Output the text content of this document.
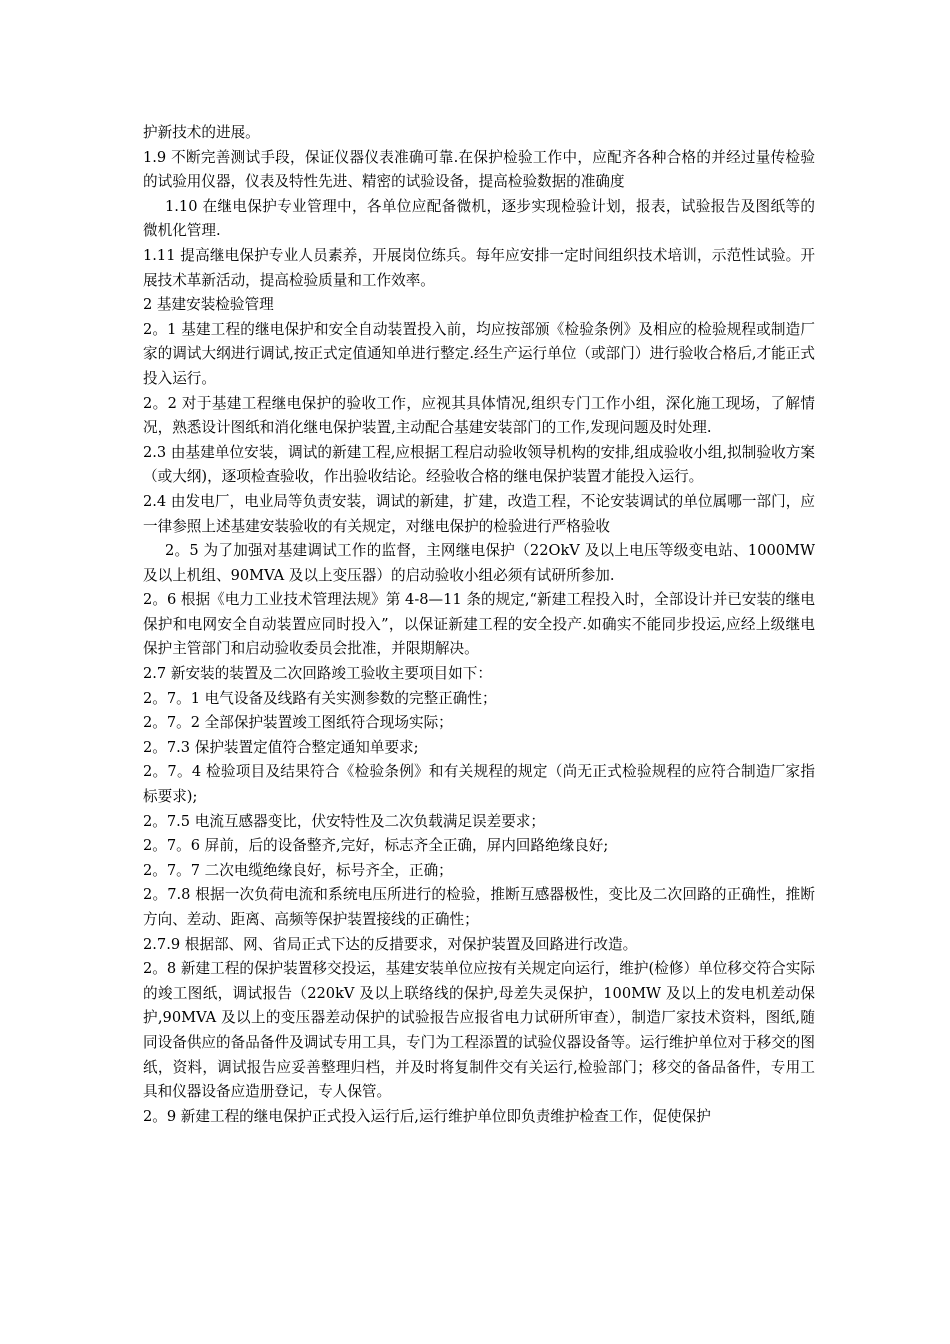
护新技术的进展。

1.9 不断完善测试手段，保证仪器仪表准确可靠.在保护检验工作中，应配齐各种合格的并经过量传检验的试验用仪器，仪表及特性先进、精密的试验设备，提高检验数据的准确度

1.10 在继电保护专业管理中，各单位应配备微机，逐步实现检验计划，报表，试验报告及图纸等的微机化管理.

1.11 提高继电保护专业人员素养，开展岗位练兵。每年应安排一定时间组织技术培训，示范性试验。开展技术革新活动，提高检验质量和工作效率。

2 基建安装检验管理

2。1 基建工程的继电保护和安全自动装置投入前，均应按部颁《检验条例》及相应的检验规程或制造厂家的调试大纲进行调试,按正式定值通知单进行整定.经生产运行单位（或部门）进行验收合格后,才能正式投入运行。

2。2 对于基建工程继电保护的验收工作，应视其具体情况,组织专门工作小组，深化施工现场，了解情况，熟悉设计图纸和消化继电保护装置,主动配合基建安装部门的工作,发现问题及时处理.

2.3 由基建单位安装，调试的新建工程,应根据工程启动验收领导机构的安排,组成验收小组,拟制验收方案（或大纲)，逐项检查验收，作出验收结论。经验收合格的继电保护装置才能投入运行。

2.4 由发电厂，电业局等负责安装，调试的新建，扩建，改造工程，不论安装调试的单位属哪一部门，应一律参照上述基建安装验收的有关规定，对继电保护的检验进行严格验收

2。5 为了加强对基建调试工作的监督，主网继电保护（22OkV 及以上电压等级变电站、1000MW 及以上机组、90MVA 及以上变压器）的启动验收小组必须有试研所参加.

2。6 根据《电力工业技术管理法规》第 4-8—11 条的规定,“新建工程投入时，全部设计并已安装的继电保护和电网安全自动装置应同时投入”，以保证新建工程的安全投产.如确实不能同步投运,应经上级继电保护主管部门和启动验收委员会批准，并限期解决。

2.7 新安装的装置及二次回路竣工验收主要项目如下：

2。7。1 电气设备及线路有关实测参数的完整正确性；

2。7。2 全部保护装置竣工图纸符合现场实际；

2。7.3 保护装置定值符合整定通知单要求;

2。7。4 检验项目及结果符合《检验条例》和有关规程的规定（尚无正式检验规程的应符合制造厂家指标要求);

2。7.5 电流互感器变比，伏安特性及二次负载满足误差要求；

2。7。6 屏前，后的设备整齐,完好，标志齐全正确，屏内回路绝缘良好;

2。7。7 二次电缆绝缘良好，标号齐全，正确；

2。7.8 根据一次负荷电流和系统电压所进行的检验，推断互感器极性，变比及二次回路的正确性，推断方向、差动、距离、高频等保护装置接线的正确性；

2.7.9 根据部、网、省局正式下达的反措要求，对保护装置及回路进行改造。

2。8 新建工程的保护装置移交投运，基建安装单位应按有关规定向运行，维护(检修）单位移交符合实际的竣工图纸，调试报告（220kV 及以上联络线的保护,母差失灵保护，100MW 及以上的发电机差动保护,90MVA 及以上的变压器差动保护的试验报告应报省电力试研所审查），制造厂家技术资料，图纸,随同设备供应的备品备件及调试专用工具，专门为工程添置的试验仪器设备等。运行维护单位对于移交的图纸，资料，调试报告应妥善整理归档，并及时将复制件交有关运行,检验部门；移交的备品备件，专用工具和仪器设备应造册登记，专人保管。

2。9 新建工程的继电保护正式投入运行后,运行维护单位即负责维护检查工作，促使保护
